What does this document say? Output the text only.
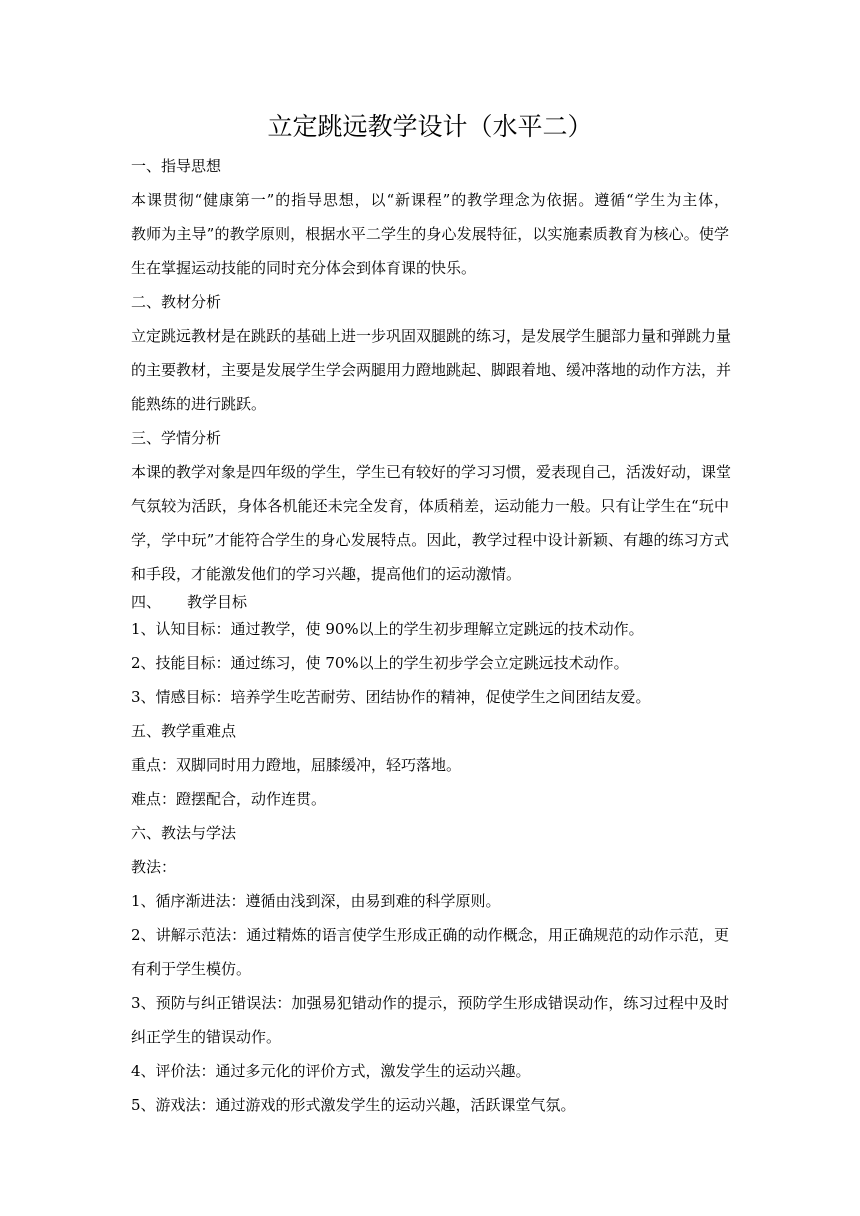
立定跳远教学设计（水平二）
一、指导思想
本课贯彻“健康第一”的指导思想，以“新课程”的教学理念为依据。遵循“学生为主体，
教师为主导”的教学原则，根据水平二学生的身心发展特征，以实施素质教育为核心。使学
生在掌握运动技能的同时充分体会到体育课的快乐。
二、教材分析
立定跳远教材是在跳跃的基础上进一步巩固双腿跳的练习，是发展学生腿部力量和弹跳力量
的主要教材，主要是发展学生学会两腿用力蹬地跳起、脚跟着地、缓冲落地的动作方法，并
能熟练的进行跳跃。
三、学情分析
本课的教学对象是四年级的学生，学生已有较好的学习习惯，爱表现自己，活泼好动，课堂
气氛较为活跃，身体各机能还未完全发育，体质稍差，运动能力一般。只有让学生在“玩中
学，学中玩”才能符合学生的身心发展特点。因此，教学过程中设计新颖、有趣的练习方式
和手段，才能激发他们的学习兴趣，提高他们的运动激情。
四、 教学目标
1、认知目标：通过教学，使 90%以上的学生初步理解立定跳远的技术动作。
2、技能目标：通过练习，使 70%以上的学生初步学会立定跳远技术动作。
3、情感目标：培养学生吃苦耐劳、团结协作的精神，促使学生之间团结友爱。
五、教学重难点
重点：双脚同时用力蹬地，屈膝缓冲，轻巧落地。
难点：蹬摆配合，动作连贯。
六、教法与学法
教法：
1、循序渐进法：遵循由浅到深，由易到难的科学原则。
2、讲解示范法：通过精炼的语言使学生形成正确的动作概念，用正确规范的动作示范，更
有利于学生模仿。
3、预防与纠正错误法：加强易犯错动作的提示，预防学生形成错误动作，练习过程中及时
纠正学生的错误动作。
4、评价法：通过多元化的评价方式，激发学生的运动兴趣。
5、游戏法：通过游戏的形式激发学生的运动兴趣，活跃课堂气氛。
